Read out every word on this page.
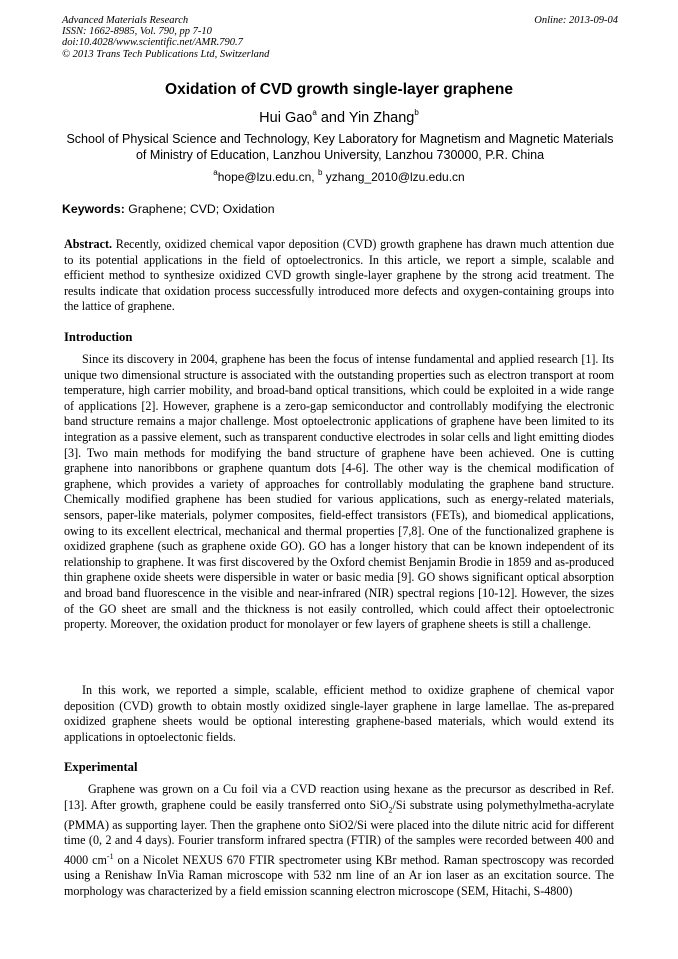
Advanced Materials Research
ISSN: 1662-8985, Vol. 790, pp 7-10
doi:10.4028/www.scientific.net/AMR.790.7
© 2013 Trans Tech Publications Ltd, Switzerland
Online: 2013-09-04
Oxidation of CVD growth single-layer graphene
Hui Gao$^a$ and Yin Zhang$^b$
School of Physical Science and Technology, Key Laboratory for Magnetism and Magnetic Materials of Ministry of Education, Lanzhou University, Lanzhou 730000, P.R. China
$^a$hope@lzu.edu.cn, $^b$ yzhang_2010@lzu.edu.cn
Keywords: Graphene; CVD; Oxidation
Abstract. Recently, oxidized chemical vapor deposition (CVD) growth graphene has drawn much attention due to its potential applications in the field of optoelectronics. In this article, we report a simple, scalable and efficient method to synthesize oxidized CVD growth single-layer graphene by the strong acid treatment. The results indicate that oxidation process successfully introduced more defects and oxygen-containing groups into the lattice of graphene.
Introduction
Since its discovery in 2004, graphene has been the focus of intense fundamental and applied research [1]. Its unique two dimensional structure is associated with the outstanding properties such as electron transport at room temperature, high carrier mobility, and broad-band optical transitions, which could be exploited in a wide range of applications [2]. However, graphene is a zero-gap semiconductor and controllably modifying the electronic band structure remains a major challenge. Most optoelectronic applications of graphene have been limited to its integration as a passive element, such as transparent conductive electrodes in solar cells and light emitting diodes [3]. Two main methods for modifying the band structure of graphene have been achieved. One is cutting graphene into nanoribbons or graphene quantum dots [4-6]. The other way is the chemical modification of graphene, which provides a variety of approaches for controllably modulating the graphene band structure. Chemically modified graphene has been studied for various applications, such as energy-related materials, sensors, paper-like materials, polymer composites, field-effect transistors (FETs), and biomedical applications, owing to its excellent electrical, mechanical and thermal properties [7,8]. One of the functionalized graphene is oxidized graphene (such as graphene oxide GO). GO has a longer history that can be known independent of its relationship to graphene. It was first discovered by the Oxford chemist Benjamin Brodie in 1859 and as-produced thin graphene oxide sheets were dispersible in water or basic media [9]. GO shows significant optical absorption and broad band fluorescence in the visible and near-infrared (NIR) spectral regions [10-12]. However, the sizes of the GO sheet are small and the thickness is not easily controlled, which could affect their optoelectronic property. Moreover, the oxidation product for monolayer or few layers of graphene sheets is still a challenge.
In this work, we reported a simple, scalable, efficient method to oxidize graphene of chemical vapor deposition (CVD) growth to obtain mostly oxidized single-layer graphene in large lamellae. The as-prepared oxidized graphene sheets would be optional interesting graphene-based materials, which would extend its applications in optoelectonic fields.
Experimental
Graphene was grown on a Cu foil via a CVD reaction using hexane as the precursor as described in Ref. [13]. After growth, graphene could be easily transferred onto SiO$_2$/Si substrate using polymethylmetha-acrylate (PMMA) as supporting layer. Then the graphene onto SiO2/Si were placed into the dilute nitric acid for different time (0, 2 and 4 days). Fourier transform infrared spectra (FTIR) of the samples were recorded between 400 and 4000 $cm^{-1}$ on a Nicolet NEXUS 670 FTIR spectrometer using KBr method. Raman spectroscopy was recorded using a Renishaw InVia Raman microscope with 532 nm line of an Ar ion laser as an excitation source. The morphology was characterized by a field emission scanning electron microscope (SEM, Hitachi, S-4800)
